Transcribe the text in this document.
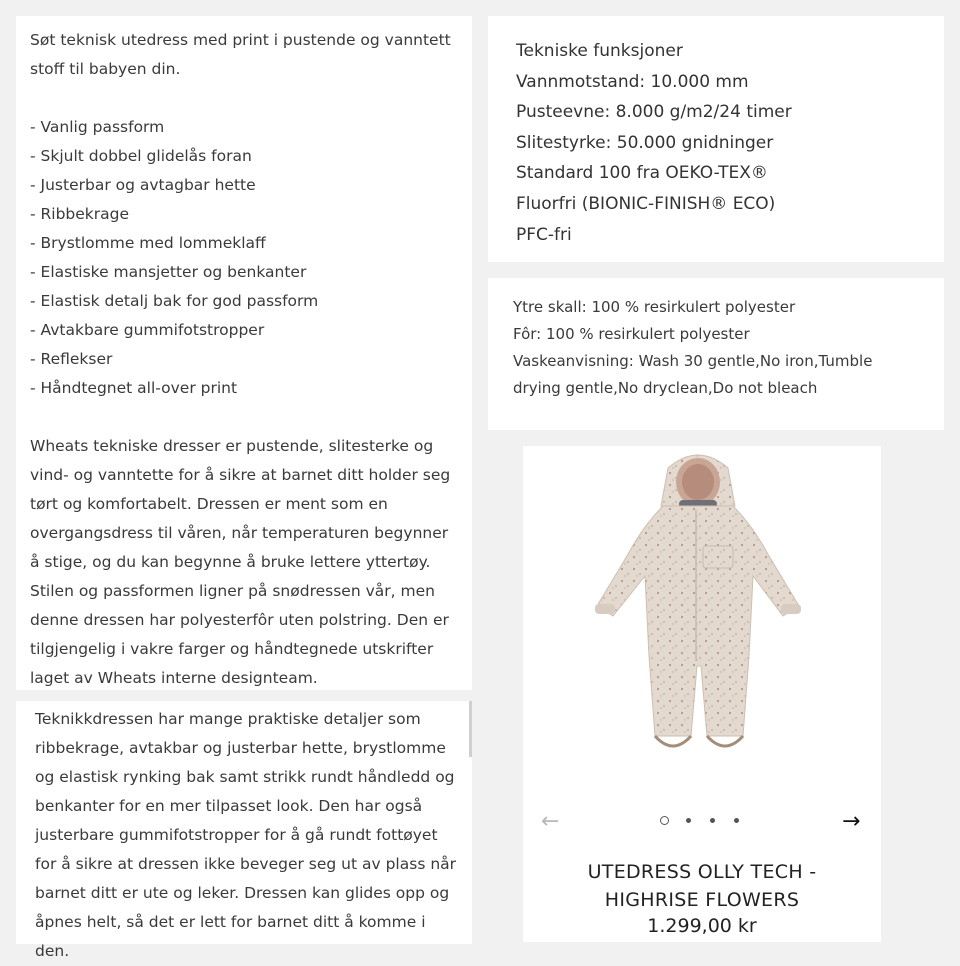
Søt teknisk utedress med print i pustende og vanntett stoff til babyen din.

- Vanlig passform
- Skjult dobbel glidelås foran
- Justerbar og avtagbar hette
- Ribbekrage
- Brystlomme med lommeklaff
- Elastiske mansjetter og benkanter
- Elastisk detalj bak for god passform
- Avtakbare gummifotstropper
- Reflekser
- Håndtegnet all-over print

Wheats tekniske dresser er pustende, slitesterke og vind- og vanntette for å sikre at barnet ditt holder seg tørt og komfortabelt. Dressen er ment som en overgangsdress til våren, når temperaturen begynner å stige, og du kan begynne å bruke lettere yttertøy. Stilen og passformen ligner på snødressen vår, men denne dressen har polyesterfôr uten polstring. Den er tilgjengelig i vakre farger og håndtegnede utskrifter laget av Wheats interne designteam.

Teknikkdressen har mange praktiske detaljer som ribbekrage, avtakbar og justerbar hette, brystlomme og elastisk rynking bak samt strikk rundt håndledd og benkanter for en mer tilpasset look. Den har også justerbare gummifotstropper for å gå rundt fottøyet for å sikre at dressen ikke beveger seg ut av plass når barnet ditt er ute og leker. Dressen kan glides opp og åpnes helt, så det er lett for barnet ditt å komme i den.

Tekniske funksjoner
Vannmotstand: 10.000 mm
Pusteevne: 8.000 g/m2/24 timer
Slitestyrke: 50.000 gnidninger
Standard 100 fra OEKO-TEX®
Fluorfri (BIONIC-FINISH® ECO)
PFC-fri
Ytre skall: 100 % resirkulert polyester
Fôr: 100 % resirkulert polyester
Vaskeanvisning: Wash 30 gentle,No iron,Tumble drying gentle,No dryclean,Do not bleach
←	→
UTEDRESS OLLY TECH -
HIGHRISE FLOWERS
1.299,00 kr
